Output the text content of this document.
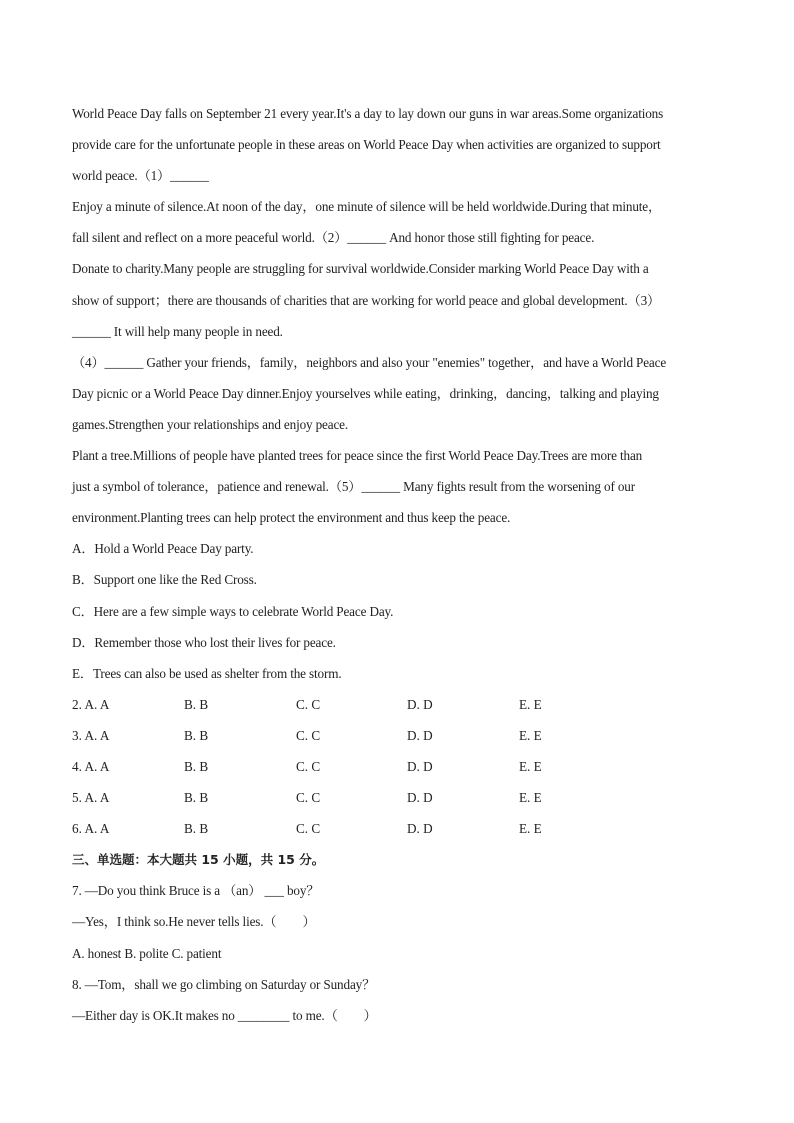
World Peace Day falls on September 21 every year.It's a day to lay down our guns in war areas.Some organizations
provide care for the unfortunate people in these areas on World Peace Day when activities are organized to support
world peace.（1）______
Enjoy a minute of silence.At noon of the day，one minute of silence will be held worldwide.During that minute，
fall silent and reflect on a more peaceful world.（2）______ And honor those still fighting for peace.
Donate to charity.Many people are struggling for survival worldwide.Consider marking World Peace Day with a
show of support；there are thousands of charities that are working for world peace and global development.（3）
______ It will help many people in need.
（4）______ Gather your friends，family，neighbors and also your "enemies" together，and have a World Peace
Day picnic or a World Peace Day dinner.Enjoy yourselves while eating，drinking，dancing，talking and playing
games.Strengthen your relationships and enjoy peace.
Plant a tree.Millions of people have planted trees for peace since the first World Peace Day.Trees are more than
just a symbol of tolerance，patience and renewal.（5）______ Many fights result from the worsening of our
environment.Planting trees can help protect the environment and thus keep the peace.
A．Hold a World Peace Day party.
B．Support one like the Red Cross.
C．Here are a few simple ways to celebrate World Peace Day.
D．Remember those who lost their lives for peace.
E．Trees can also be used as shelter from the storm.
2. A. A	B. B	C. C	D. D	E. E
3. A. A	B. B	C. C	D. D	E. E
4. A. A	B. B	C. C	D. D	E. E
5. A. A	B. B	C. C	D. D	E. E
6. A. A	B. B	C. C	D. D	E. E
三、单选题：本大题共 15 小题，共 15 分。
7. —Do you think Bruce is a （an） ___ boy？
—Yes，I think so.He never tells lies.（　　）
A. honest B. polite C. patient
8. —Tom，shall we go climbing on Saturday or Sunday？
—Either day is OK.It makes no ________ to me.（　　）
